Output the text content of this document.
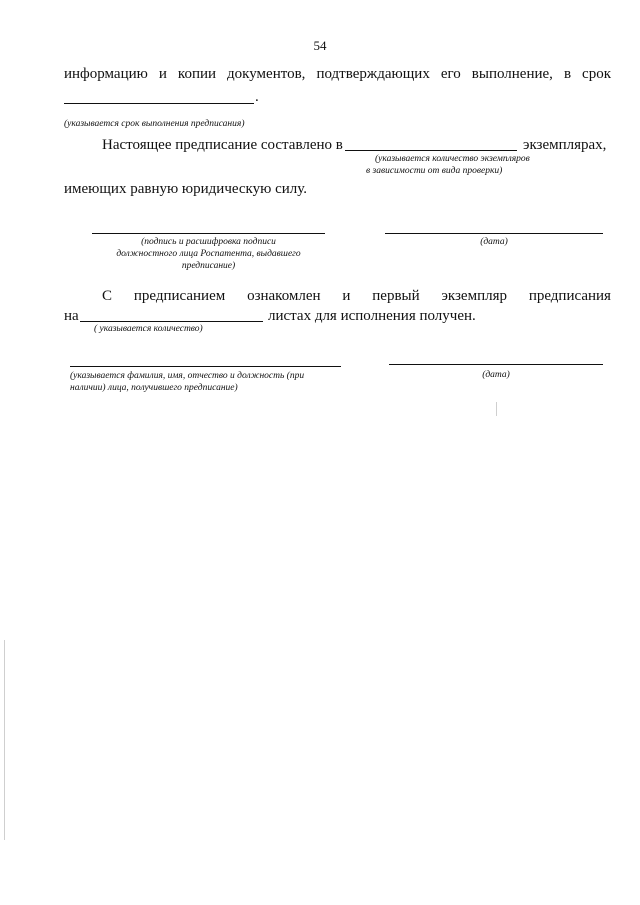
54
информацию и копии документов, подтверждающих его выполнение, в срок
.
(указывается срок выполнения предписания)
Настоящее предписание составлено в	экземплярах,
(указывается количество экземпляров
в зависимости от вида проверки)
имеющих равную юридическую силу.
(подпись и расшифровка подписи
должностного лица Роспатента, выдавшего
предписание)
(дата)
С предписанием ознакомлен и первый экземпляр предписания
на	листах для исполнения получен.
( указывается количество)
(указывается фамилия, имя, отчество и должность (при
наличии) лица, получившего предписание)
(дата)
